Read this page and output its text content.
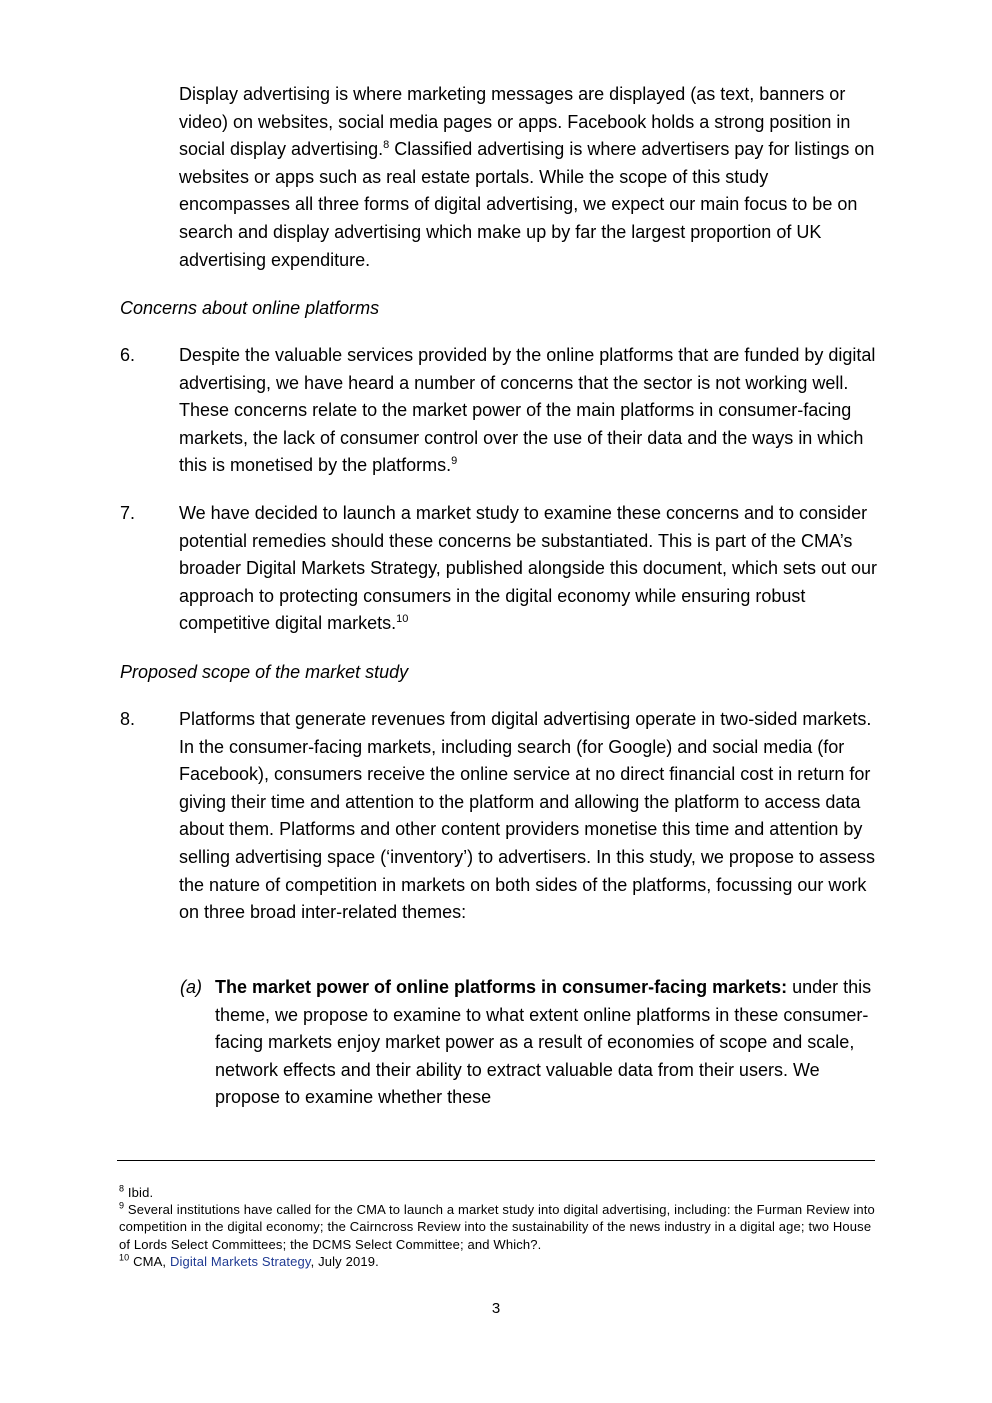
Display advertising is where marketing messages are displayed (as text, banners or video) on websites, social media pages or apps. Facebook holds a strong position in social display advertising.$^8$ Classified advertising is where advertisers pay for listings on websites or apps such as real estate portals. While the scope of this study encompasses all three forms of digital advertising, we expect our main focus to be on search and display advertising which make up by far the largest proportion of UK advertising expenditure.

Concerns about online platforms

6. Despite the valuable services provided by the online platforms that are funded by digital advertising, we have heard a number of concerns that the sector is not working well. These concerns relate to the market power of the main platforms in consumer-facing markets, the lack of consumer control over the use of their data and the ways in which this is monetised by the platforms.$^9$

7. We have decided to launch a market study to examine these concerns and to consider potential remedies should these concerns be substantiated. This is part of the CMA’s broader Digital Markets Strategy, published alongside this document, which sets out our approach to protecting consumers in the digital economy while ensuring robust competitive digital markets.$^{10}$

Proposed scope of the market study

8. Platforms that generate revenues from digital advertising operate in two-sided markets. In the consumer-facing markets, including search (for Google) and social media (for Facebook), consumers receive the online service at no direct financial cost in return for giving their time and attention to the platform and allowing the platform to access data about them. Platforms and other content providers monetise this time and attention by selling advertising space (‘inventory’) to advertisers. In this study, we propose to assess the nature of competition in markets on both sides of the platforms, focussing our work on three broad inter-related themes:

(a) The market power of online platforms in consumer-facing markets: under this theme, we propose to examine to what extent online platforms in these consumer-facing markets enjoy market power as a result of economies of scope and scale, network effects and their ability to extract valuable data from their users. We propose to examine whether these

$^8$ Ibid.

$^9$ Several institutions have called for the CMA to launch a market study into digital advertising, including: the Furman Review into competition in the digital economy; the Cairncross Review into the sustainability of the news industry in a digital age; two House of Lords Select Committees; the DCMS Select Committee; and Which?.

$^{10}$ CMA, Digital Markets Strategy, July 2019.

3
